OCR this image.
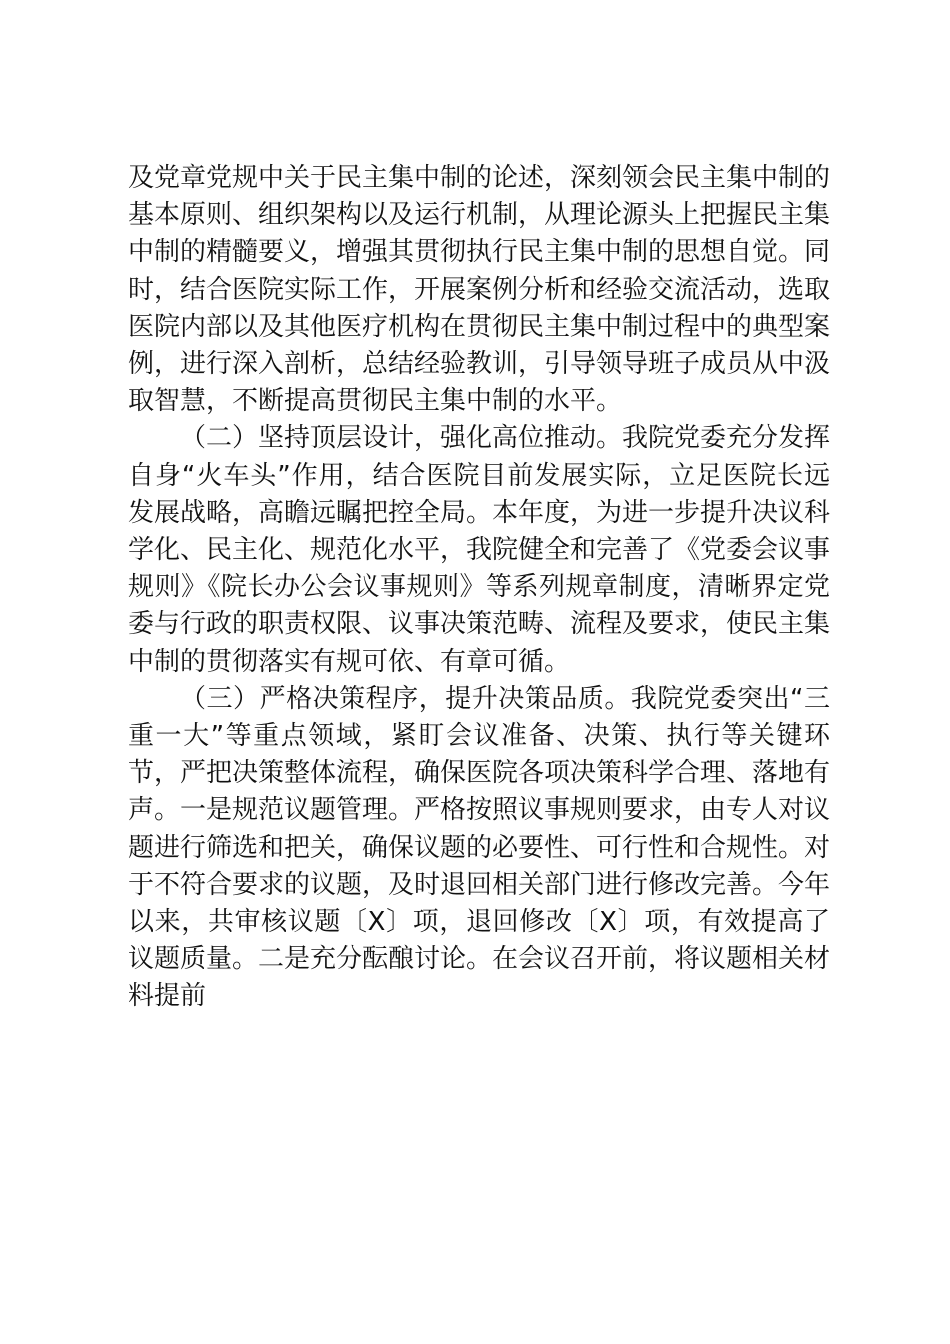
及党章党规中关于民主集中制的论述，深刻领会民主集中制的基本原则、组织架构以及运行机制，从理论源头上把握民主集中制的精髓要义，增强其贯彻执行民主集中制的思想自觉。同时，结合医院实际工作，开展案例分析和经验交流活动，选取医院内部以及其他医疗机构在贯彻民主集中制过程中的典型案例，进行深入剖析，总结经验教训，引导领导班子成员从中汲取智慧，不断提高贯彻民主集中制的水平。

（二）坚持顶层设计，强化高位推动。我院党委充分发挥自身“火车头”作用，结合医院目前发展实际，立足医院长远发展战略，高瞻远瞩把控全局。本年度，为进一步提升决议科学化、民主化、规范化水平，我院健全和完善了《党委会议事规则》《院长办公会议事规则》等系列规章制度，清晰界定党委与行政的职责权限、议事决策范畴、流程及要求，使民主集中制的贯彻落实有规可依、有章可循。

（三）严格决策程序，提升决策品质。我院党委突出“三重一大”等重点领域，紧盯会议准备、决策、执行等关键环节，严把决策整体流程，确保医院各项决策科学合理、落地有声。一是规范议题管理。严格按照议事规则要求，由专人对议题进行筛选和把关，确保议题的必要性、可行性和合规性。对于不符合要求的议题，及时退回相关部门进行修改完善。今年以来，共审核议题〔X〕项，退回修改〔X〕项，有效提高了议题质量。二是充分酝酿讨论。在会议召开前，将议题相关材料提前
